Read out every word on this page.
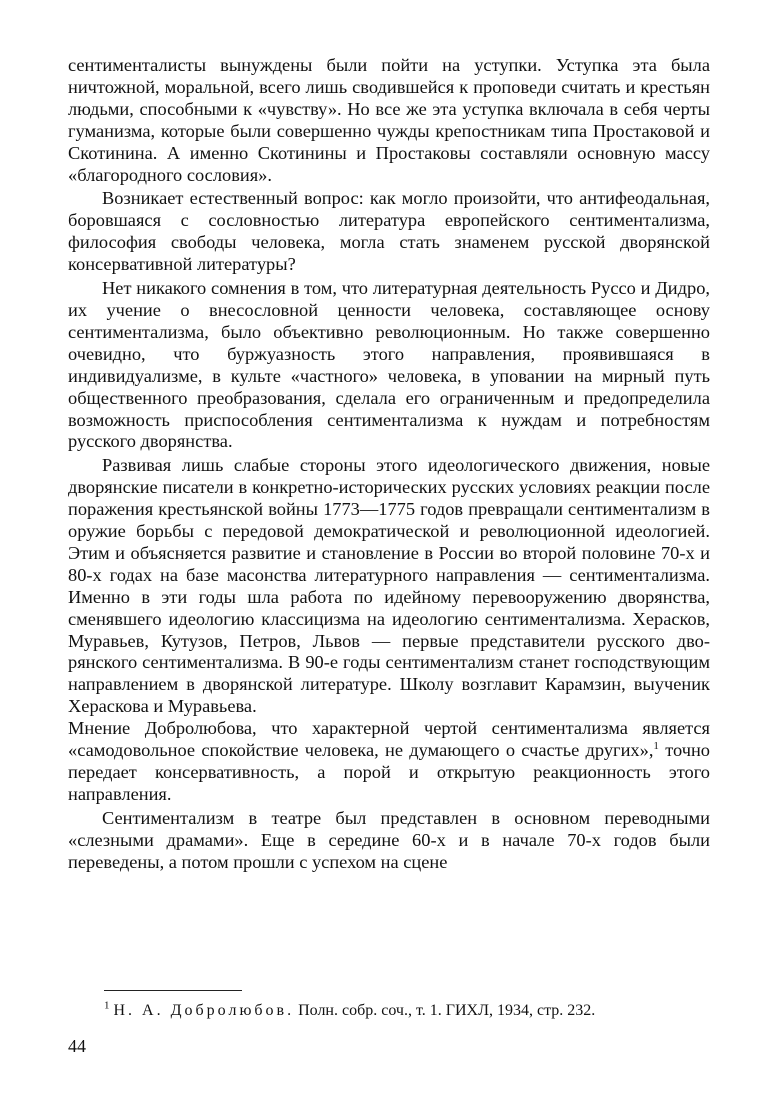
сентименталисты вынуждены были пойти на уступки. Уступка эта была ничтожной, моральной, всего лишь сводившейся к проповеди считать и крестьян людьми, способными к «чувству». Но все же эта уступка включала в себя черты гуманизма, которые были совершенно чужды крепостникам типа Простаковой и Скотинина. А именно Скотинины и Простаковы составляли основную массу «благородного сословия».

Возникает естественный вопрос: как могло произойти, что антифеодальная, боровшаяся с сословностью литература европейского сентиментализма, философия свободы человека, могла стать знаменем русской дворянской консервативной литературы?

Нет никакого сомнения в том, что литературная деятельность Руссо и Дидро, их учение о внесословной ценности человека, составляющее основу сентиментализма, было объективно революционным. Но также совершенно очевидно, что буржуазность этого направления, проявившаяся в индивидуализме, в культе «частного» человека, в уповании на мирный путь общественного преобразования, сделала его ограниченным и предопределила возможность приспособления сентиментализма к нуждам и потребностям русского дворянства.

Развивая лишь слабые стороны этого идеологического движения, новые дворянские писатели в конкретно-исторических русских условиях реакции после поражения крестьянской войны 1773—1775 годов превращали сентиментализм в оружие борьбы с передовой демократической и революционной идеологией. Этим и объясняется развитие и становление в России во второй половине 70-х и 80-х годах на базе масонства литературного направления — сентиментализма. Именно в эти годы шла работа по идейному перевооружению дворянства, сменявшего идеологию классицизма на идеологию сентиментализма. Херасков, Муравьев, Кутузов, Петров, Львов — первые представители русского дворянского сентиментализма. В 90-е годы сентиментализм станет господствующим направлением в дворянской литературе. Школу возглавит Карамзин, выученик Хераскова и Муравьева.

Мнение Добролюбова, что характерной чертой сентиментализма является «самодовольное спокойствие человека, не думающего о счастье других»,$^1$ точно передает консервативность, а порой и открытую реакционность этого направления.

Сентиментализм в театре был представлен в основном переводными «слезными драмами». Еще в середине 60-х и в начале 70-х годов были переведены, а потом прошли с успехом на сцене

$^1$ Н. А. Добролюбов. Полн. собр. соч., т. 1. ГИХЛ, 1934, стр. 232.
44
